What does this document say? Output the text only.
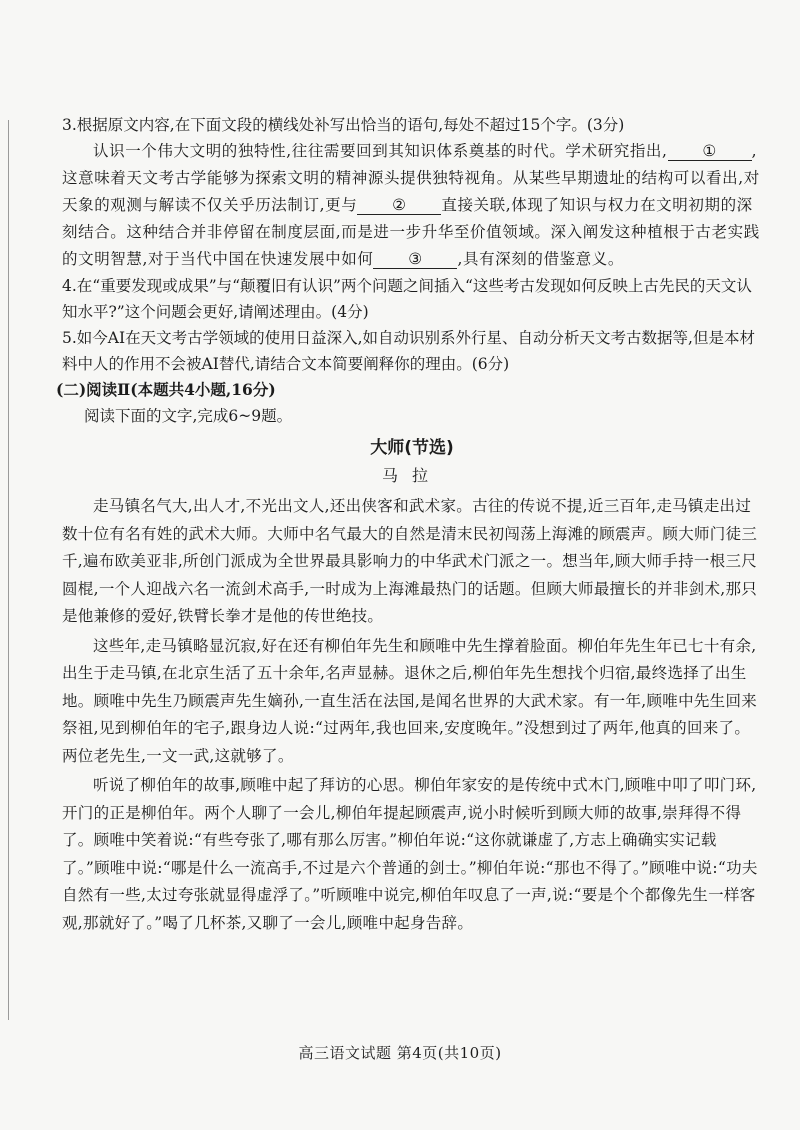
3.根据原文内容,在下面文段的横线处补写出恰当的语句,每处不超过15个字。(3分)

认识一个伟大文明的独特性,往往需要回到其知识体系奠基的时代。学术研究指出, ① ,这意味着天文考古学能够为探索文明的精神源头提供独特视角。从某些早期遗址的结构可以看出,对天象的观测与解读不仅关乎历法制订,更与 ② 直接关联,体现了知识与权力在文明初期的深刻结合。这种结合并非停留在制度层面,而是进一步升华至价值领域。深入阐发这种植根于古老实践的文明智慧,对于当代中国在快速发展中如何 ③ ,具有深刻的借鉴意义。

4.在“重要发现或成果”与“颠覆旧有认识”两个问题之间插入“这些考古发现如何反映上古先民的天文认知水平?”这个问题会更好,请阐述理由。(4分)
5.如今AI在天文考古学领域的使用日益深入,如自动识别系外行星、自动分析天文考古数据等,但是本材料中人的作用不会被AI替代,请结合文本简要阐释你的理由。(6分)
(二)阅读Ⅱ(本题共4小题,16分)
阅读下面的文字,完成6~9题。
大师(节选)
马拉

走马镇名气大,出人才,不光出文人,还出侠客和武术家。古往的传说不提,近三百年,走马镇走出过数十位有名有姓的武术大师。大师中名气最大的自然是清末民初闯荡上海滩的顾震声。顾大师门徒三千,遍布欧美亚非,所创门派成为全世界最具影响力的中华武术门派之一。想当年,顾大师手持一根三尺圆棍,一个人迎战六名一流剑术高手,一时成为上海滩最热门的话题。但顾大师最擅长的并非剑术,那只是他兼修的爱好,铁臂长拳才是他的传世绝技。

这些年,走马镇略显沉寂,好在还有柳伯年先生和顾唯中先生撑着脸面。柳伯年先生年已七十有余,出生于走马镇,在北京生活了五十余年,名声显赫。退休之后,柳伯年先生想找个归宿,最终选择了出生地。顾唯中先生乃顾震声先生嫡孙,一直生活在法国,是闻名世界的大武术家。有一年,顾唯中先生回来祭祖,见到柳伯年的宅子,跟身边人说:“过两年,我也回来,安度晚年。”没想到过了两年,他真的回来了。两位老先生,一文一武,这就够了。

听说了柳伯年的故事,顾唯中起了拜访的心思。柳伯年家安的是传统中式木门,顾唯中叩了叩门环,开门的正是柳伯年。两个人聊了一会儿,柳伯年提起顾震声,说小时候听到顾大师的故事,崇拜得不得了。顾唯中笑着说:“有些夸张了,哪有那么厉害。”柳伯年说:“这你就谦虚了,方志上确确实实记载了。”顾唯中说:“哪是什么一流高手,不过是六个普通的剑士。”柳伯年说:“那也不得了。”顾唯中说:“功夫自然有一些,太过夸张就显得虚浮了。”听顾唯中说完,柳伯年叹息了一声,说:“要是个个都像先生一样客观,那就好了。”喝了几杯茶,又聊了一会儿,顾唯中起身告辞。

高三语文试题 第4页(共10页)
